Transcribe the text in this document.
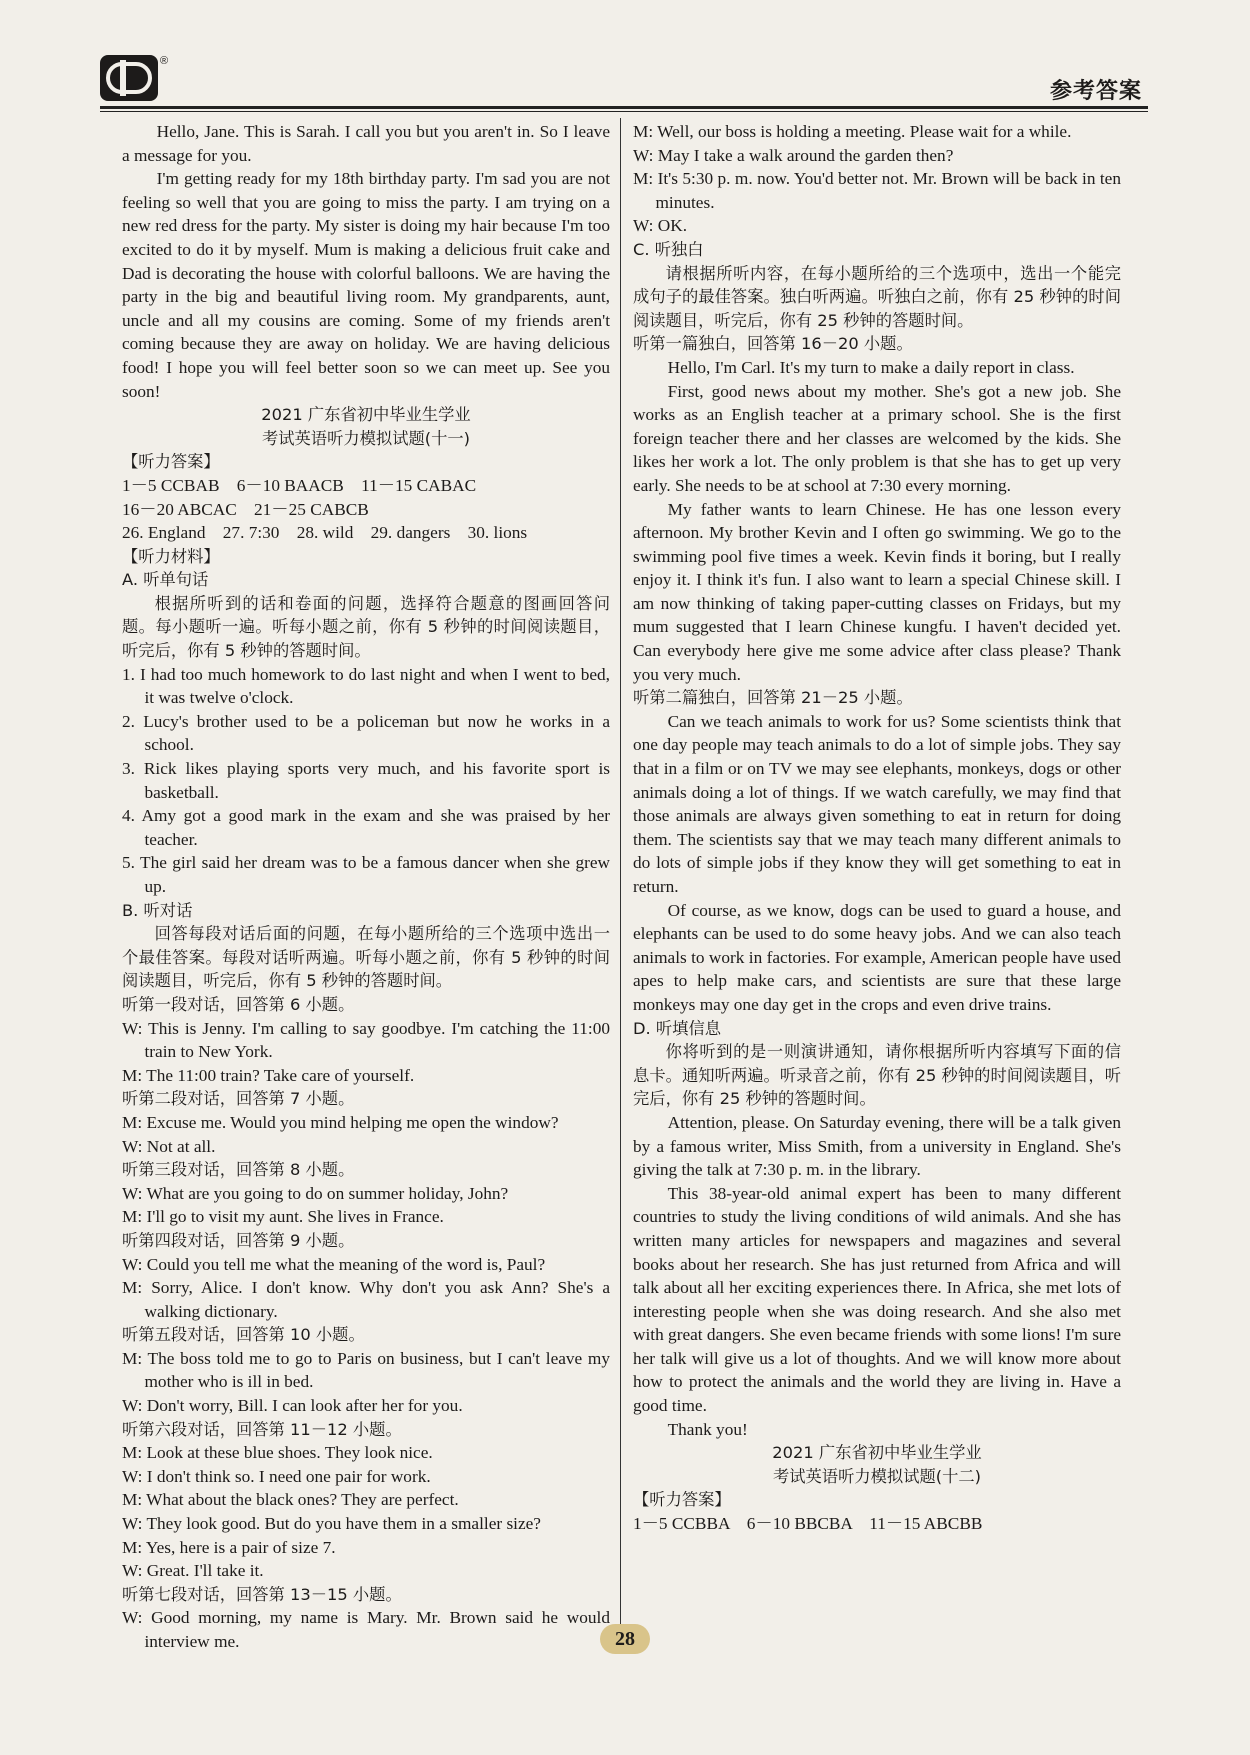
®
参考答案

Hello, Jane. This is Sarah. I call you but you aren't in. So I leave a message for you.

I'm getting ready for my 18th birthday party. I'm sad you are not feeling so well that you are going to miss the party. I am trying on a new red dress for the party. My sister is doing my hair because I'm too excited to do it by myself. Mum is making a delicious fruit cake and Dad is decorating the house with colorful balloons. We are having the party in the big and beautiful living room. My grandparents, aunt, uncle and all my cousins are coming. Some of my friends aren't coming because they are away on holiday. We are having delicious food! I hope you will feel better soon so we can meet up. See you soon!

2021 广东省初中毕业生学业

考试英语听力模拟试题(十一)

【听力答案】

1－5 CCBAB　6－10 BAACB　11－15 CABAC

16－20 ABCAC　21－25 CABCB

26. England　27. 7:30　28. wild　29. dangers　30. lions

【听力材料】

A. 听单句话

根据所听到的话和卷面的问题，选择符合题意的图画回答问题。每小题听一遍。听每小题之前，你有 5 秒钟的时间阅读题目，听完后，你有 5 秒钟的答题时间。

1. I had too much homework to do last night and when I went to bed, it was twelve o'clock.

2. Lucy's brother used to be a policeman but now he works in a school.

3. Rick likes playing sports very much, and his favorite sport is basketball.

4. Amy got a good mark in the exam and she was praised by her teacher.

5. The girl said her dream was to be a famous dancer when she grew up.

B. 听对话

回答每段对话后面的问题，在每小题所给的三个选项中选出一个最佳答案。每段对话听两遍。听每小题之前，你有 5 秒钟的时间阅读题目，听完后，你有 5 秒钟的答题时间。

听第一段对话，回答第 6 小题。

W: This is Jenny. I'm calling to say goodbye. I'm catching the 11:00 train to New York.

M: The 11:00 train? Take care of yourself.

听第二段对话，回答第 7 小题。

M: Excuse me. Would you mind helping me open the window?

W: Not at all.

听第三段对话，回答第 8 小题。

W: What are you going to do on summer holiday, John?

M: I'll go to visit my aunt. She lives in France.

听第四段对话，回答第 9 小题。

W: Could you tell me what the meaning of the word is, Paul?

M: Sorry, Alice. I don't know. Why don't you ask Ann? She's a walking dictionary.

听第五段对话，回答第 10 小题。

M: The boss told me to go to Paris on business, but I can't leave my mother who is ill in bed.

W: Don't worry, Bill. I can look after her for you.

听第六段对话，回答第 11－12 小题。

M: Look at these blue shoes. They look nice.

W: I don't think so. I need one pair for work.

M: What about the black ones? They are perfect.

W: They look good. But do you have them in a smaller size?

M: Yes, here is a pair of size 7.

W: Great. I'll take it.

听第七段对话，回答第 13－15 小题。

W: Good morning, my name is Mary. Mr. Brown said he would interview me.

M: Well, our boss is holding a meeting. Please wait for a while.

W: May I take a walk around the garden then?

M: It's 5:30 p. m. now. You'd better not. Mr. Brown will be back in ten minutes.

W: OK.

C. 听独白

请根据所听内容，在每小题所给的三个选项中，选出一个能完成句子的最佳答案。独白听两遍。听独白之前，你有 25 秒钟的时间阅读题目，听完后，你有 25 秒钟的答题时间。

听第一篇独白，回答第 16－20 小题。

Hello, I'm Carl. It's my turn to make a daily report in class.

First, good news about my mother. She's got a new job. She works as an English teacher at a primary school. She is the first foreign teacher there and her classes are welcomed by the kids. She likes her work a lot. The only problem is that she has to get up very early. She needs to be at school at 7:30 every morning.

My father wants to learn Chinese. He has one lesson every afternoon. My brother Kevin and I often go swimming. We go to the swimming pool five times a week. Kevin finds it boring, but I really enjoy it. I think it's fun. I also want to learn a special Chinese skill. I am now thinking of taking paper-cutting classes on Fridays, but my mum suggested that I learn Chinese kungfu. I haven't decided yet. Can everybody here give me some advice after class please? Thank you very much.

听第二篇独白，回答第 21－25 小题。

Can we teach animals to work for us? Some scientists think that one day people may teach animals to do a lot of simple jobs. They say that in a film or on TV we may see elephants, monkeys, dogs or other animals doing a lot of things. If we watch carefully, we may find that those animals are always given something to eat in return for doing them. The scientists say that we may teach many different animals to do lots of simple jobs if they know they will get something to eat in return.

Of course, as we know, dogs can be used to guard a house, and elephants can be used to do some heavy jobs. And we can also teach animals to work in factories. For example, American people have used apes to help make cars, and scientists are sure that these large monkeys may one day get in the crops and even drive trains.

D. 听填信息

你将听到的是一则演讲通知，请你根据所听内容填写下面的信息卡。通知听两遍。听录音之前，你有 25 秒钟的时间阅读题目，听完后，你有 25 秒钟的答题时间。

Attention, please. On Saturday evening, there will be a talk given by a famous writer, Miss Smith, from a university in England. She's giving the talk at 7:30 p. m. in the library.

This 38-year-old animal expert has been to many different countries to study the living conditions of wild animals. And she has written many articles for newspapers and magazines and several books about her research. She has just returned from Africa and will talk about all her exciting experiences there. In Africa, she met lots of interesting people when she was doing research. And she also met with great dangers. She even became friends with some lions! I'm sure her talk will give us a lot of thoughts. And we will know more about how to protect the animals and the world they are living in. Have a good time.

Thank you!

2021 广东省初中毕业生学业

考试英语听力模拟试题(十二)

【听力答案】

1－5 CCBBA　6－10 BBCBA　11－15 ABCBB

28
